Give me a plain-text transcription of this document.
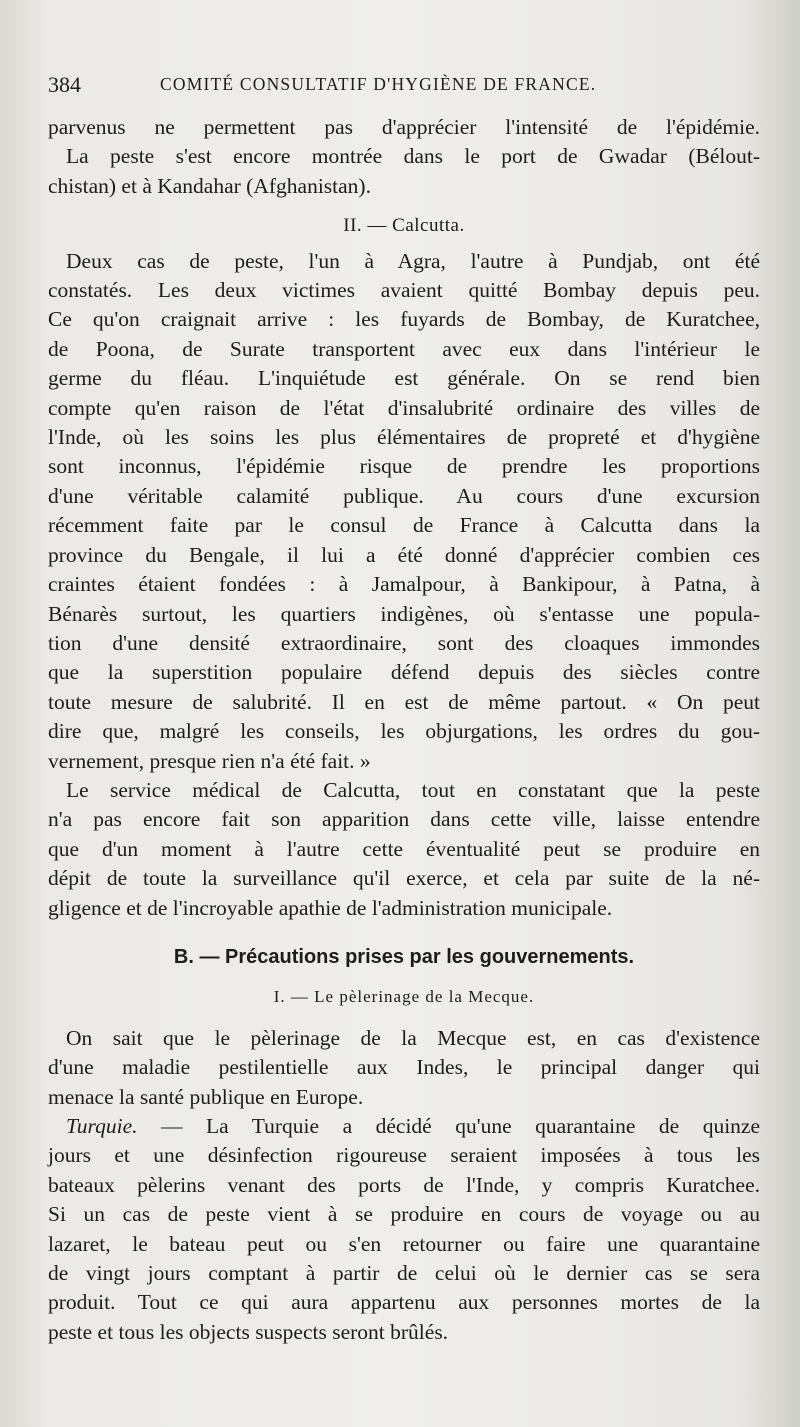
384	COMITÉ CONSULTATIF D'HYGIÈNE DE FRANCE.
parvenus ne permettent pas d'apprécier l'intensité de l'épidémie.
La peste s'est encore montrée dans le port de Gwadar (Bélout-
chistan) et à Kandahar (Afghanistan).
II. — Calcutta.
Deux cas de peste, l'un à Agra, l'autre à Pundjab, ont été
constatés. Les deux victimes avaient quitté Bombay depuis peu.
Ce qu'on craignait arrive : les fuyards de Bombay, de Kuratchee,
de Poona, de Surate transportent avec eux dans l'intérieur le
germe du fléau. L'inquiétude est générale. On se rend bien
compte qu'en raison de l'état d'insalubrité ordinaire des villes de
l'Inde, où les soins les plus élémentaires de propreté et d'hygiène
sont inconnus, l'épidémie risque de prendre les proportions
d'une véritable calamité publique. Au cours d'une excursion
récemment faite par le consul de France à Calcutta dans la
province du Bengale, il lui a été donné d'apprécier combien ces
craintes étaient fondées : à Jamalpour, à Bankipour, à Patna, à
Bénarès surtout, les quartiers indigènes, où s'entasse une popula-
tion d'une densité extraordinaire, sont des cloaques immondes
que la superstition populaire défend depuis des siècles contre
toute mesure de salubrité. Il en est de même partout. « On peut
dire que, malgré les conseils, les objurgations, les ordres du gou-
vernement, presque rien n'a été fait. »
Le service médical de Calcutta, tout en constatant que la peste
n'a pas encore fait son apparition dans cette ville, laisse entendre
que d'un moment à l'autre cette éventualité peut se produire en
dépit de toute la surveillance qu'il exerce, et cela par suite de la né-
gligence et de l'incroyable apathie de l'administration municipale.
B. — Précautions prises par les gouvernements.
I. — Le pèlerinage de la Mecque.
On sait que le pèlerinage de la Mecque est, en cas d'existence
d'une maladie pestilentielle aux Indes, le principal danger qui
menace la santé publique en Europe.
Turquie. — La Turquie a décidé qu'une quarantaine de quinze
jours et une désinfection rigoureuse seraient imposées à tous les
bateaux pèlerins venant des ports de l'Inde, y compris Kuratchee.
Si un cas de peste vient à se produire en cours de voyage ou au
lazaret, le bateau peut ou s'en retourner ou faire une quarantaine
de vingt jours comptant à partir de celui où le dernier cas se sera
produit. Tout ce qui aura appartenu aux personnes mortes de la
peste et tous les objects suspects seront brûlés.
